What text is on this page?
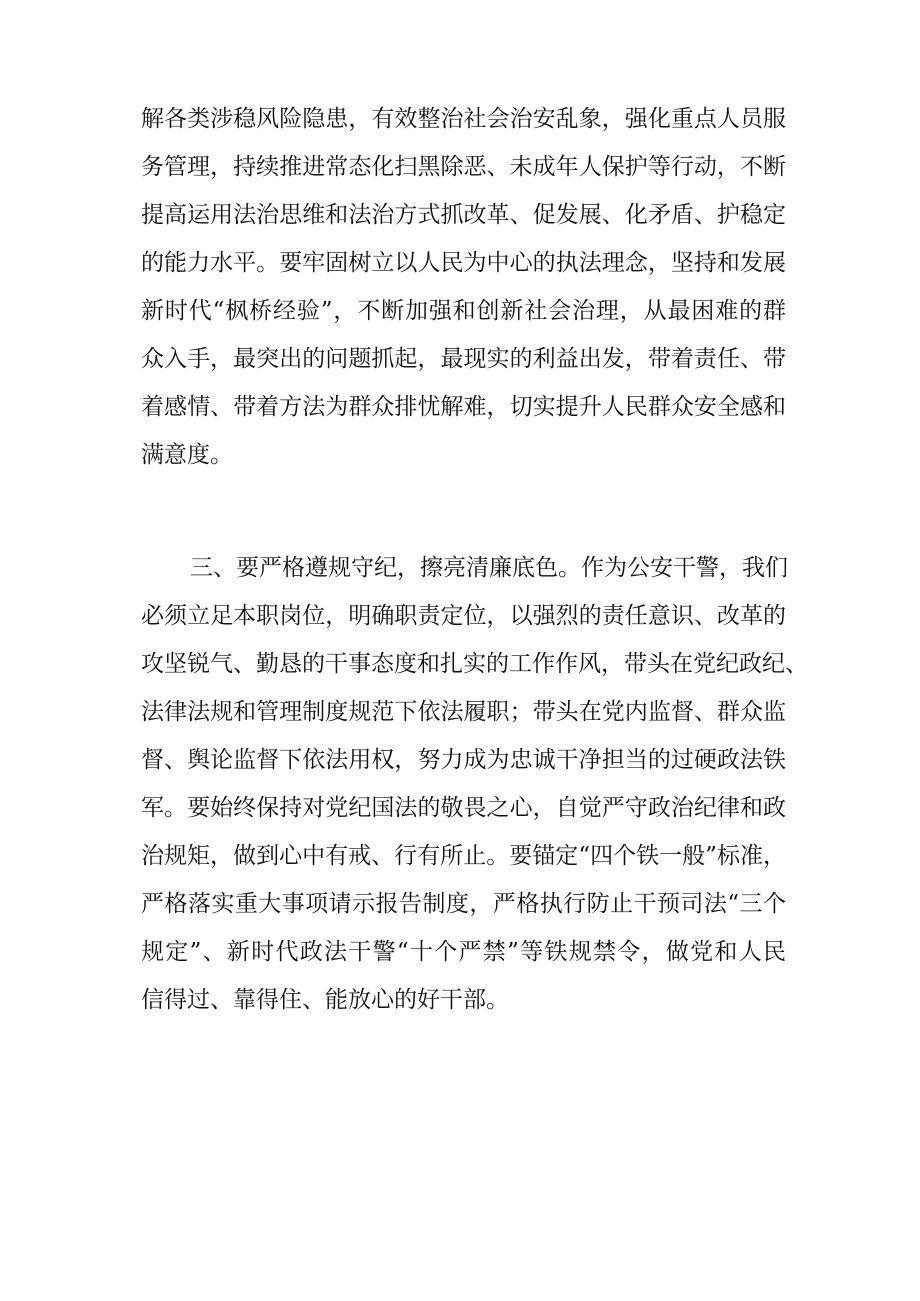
解各类涉稳风险隐患，有效整治社会治安乱象，强化重点人员服

务管理，持续推进常态化扫黑除恶、未成年人保护等行动，不断

提高运用法治思维和法治方式抓改革、促发展、化矛盾、护稳定

的能力水平。要牢固树立以人民为中心的执法理念，坚持和发展

新时代“枫桥经验”，不断加强和创新社会治理，从最困难的群

众入手，最突出的问题抓起，最现实的利益出发，带着责任、带

着感情、带着方法为群众排忧解难，切实提升人民群众安全感和

满意度。

三、要严格遵规守纪，擦亮清廉底色。作为公安干警，我们

必须立足本职岗位，明确职责定位，以强烈的责任意识、改革的

攻坚锐气、勤恳的干事态度和扎实的工作作风，带头在党纪政纪、

法律法规和管理制度规范下依法履职；带头在党内监督、群众监

督、舆论监督下依法用权，努力成为忠诚干净担当的过硬政法铁

军。要始终保持对党纪国法的敬畏之心，自觉严守政治纪律和政

治规矩，做到心中有戒、行有所止。要锚定“四个铁一般”标准，

严格落实重大事项请示报告制度，严格执行防止干预司法“三个

规定”、新时代政法干警“十个严禁”等铁规禁令，做党和人民

信得过、靠得住、能放心的好干部。
